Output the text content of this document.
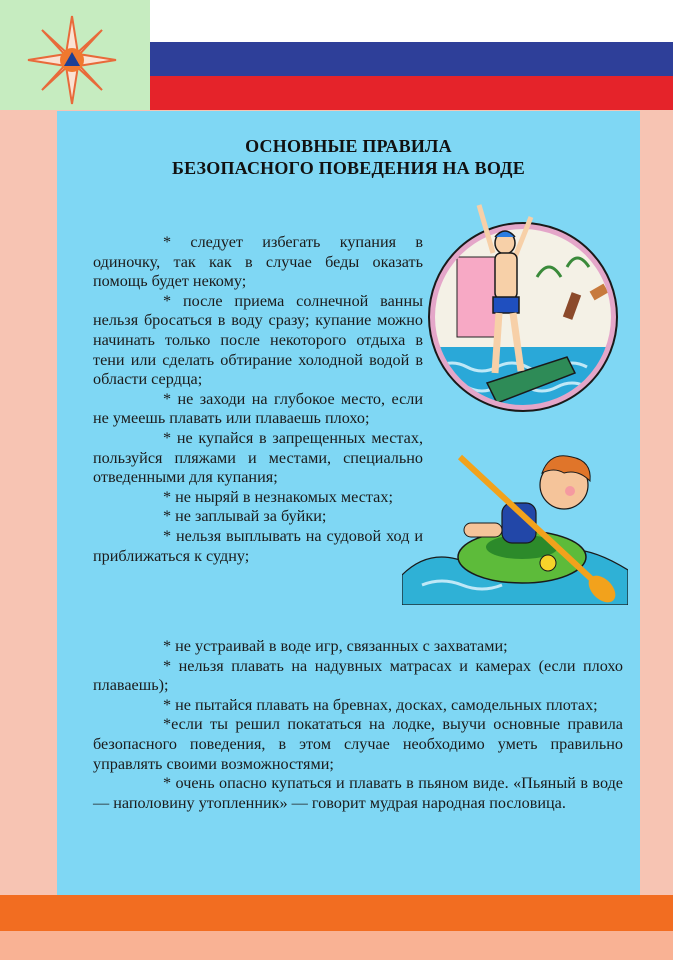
ОСНОВНЫЕ ПРАВИЛА
БЕЗОПАСНОГО ПОВЕДЕНИЯ НА ВОДЕ

* следует избегать купания в одиночку, так как в случае беды оказать помощь будет некому;

* после приема солнечной ванны нельзя бросаться в воду сразу; купание можно начинать только после некоторого отдыха в тени или сделать обтирание холодной водой в области сердца;

* не заходи на глубокое место, если не умеешь плавать или плаваешь плохо;

* не купайся в запрещенных местах, пользуйся пляжами и местами, специально отведенными для купания;

* не ныряй в незнакомых местах;

* не заплывай за буйки;

* нельзя выплывать на судовой ход и приближаться к судну;

* не устраивай в воде игр, связанных с захватами;

* нельзя плавать на надувных матрасах и камерах (если плохо плаваешь);

* не пытайся плавать на бревнах, досках, самодельных плотах;

*если ты решил покататься на лодке, выучи основные правила безопасного поведения, в этом случае необходимо уметь правильно управлять своими возможностями;

* очень опасно купаться и плавать в пьяном виде. «Пьяный в воде — наполовину утопленник» — говорит мудрая народная пословица.
